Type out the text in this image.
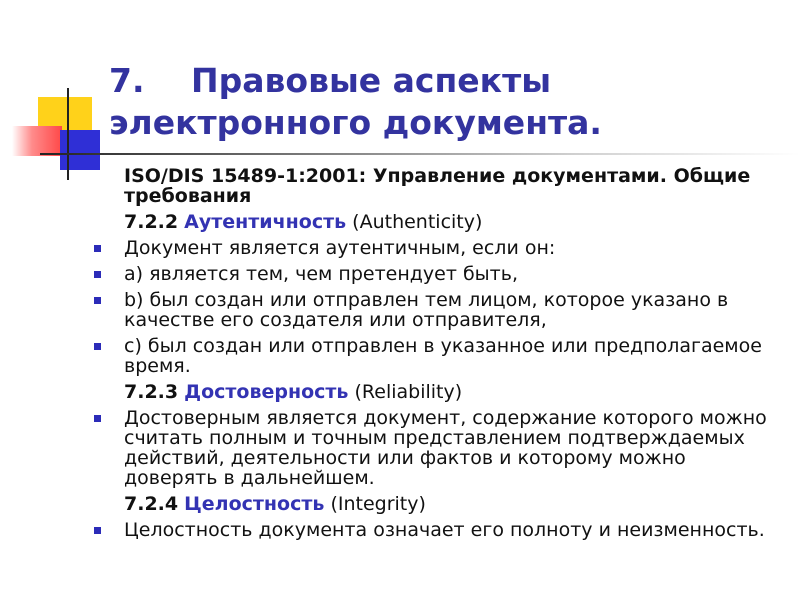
7. Правовые аспекты
электронного документа.
ISO/DIS 15489-1:2001: Управление документами. Общие требования
7.2.2 Аутентичность (Authenticity)
Документ является аутентичным, если он:
а) является тем, чем претендует быть,
b) был создан или отправлен тем лицом, которое указано в качестве его создателя или отправителя,
c) был создан или отправлен в указанное или предполагаемое время.
7.2.3 Достоверность (Reliability)
Достоверным является документ, содержание которого можно считать полным и точным представлением подтверждаемых действий, деятельности или фактов и которому можно доверять в дальнейшем.
7.2.4 Целостность (Integrity)
Целостность документа означает его полноту и неизменность.
